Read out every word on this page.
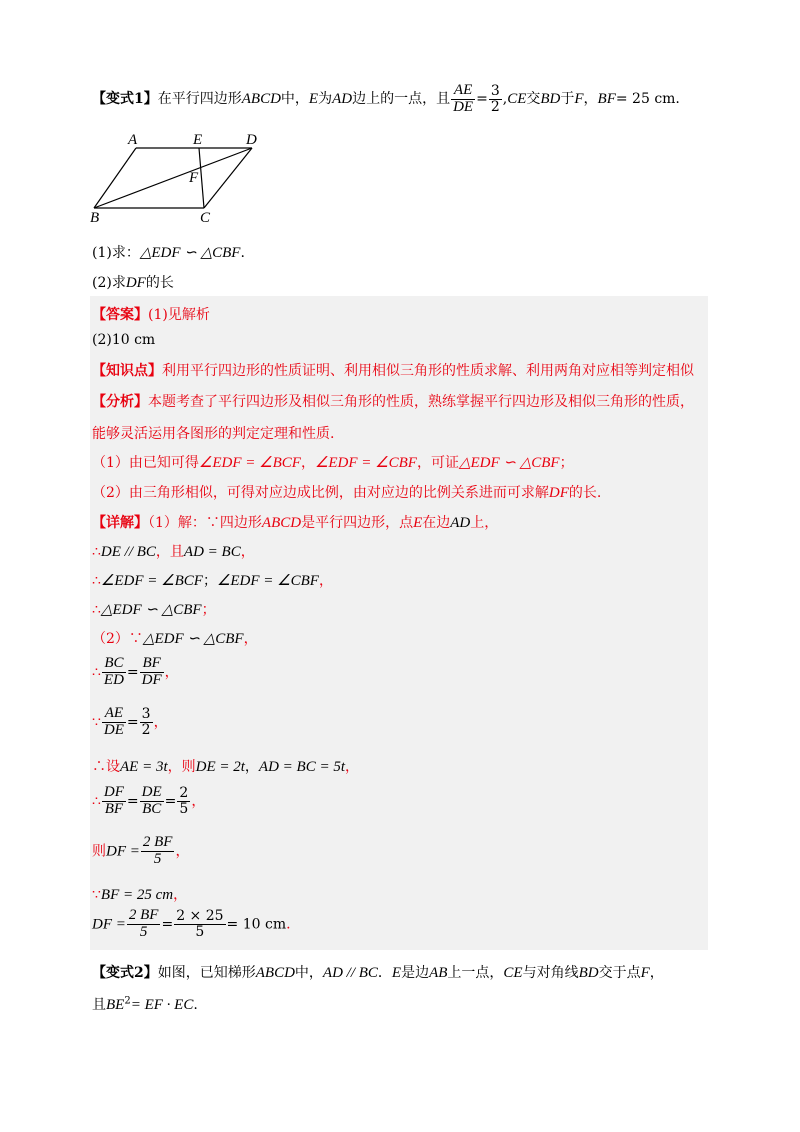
【变式1】在平行四边形ABCD中，E为AD边上的一点，且 $\frac{AE}{DE} = \frac{3}{2} ,CE$交BD于F，BF= 25 cm.
A	E	D
F
B	C
(1)求：△EDF ∽ △CBF.
(2)求DF的长
【答案】(1)见解析
(2)10 cm
【知识点】利用平行四边形的性质证明、利用相似三角形的性质求解、利用两角对应相等判定相似
【分析】本题考查了平行四边形及相似三角形的性质，熟练掌握平行四边形及相似三角形的性质，
能够灵活运用各图形的判定定理和性质.
（1）由已知可得∠EDF = ∠BCF，∠EDF = ∠CBF，可证△EDF ∽ △CBF；
（2）由三角形相似，可得对应边成比例，由对应边的比例关系进而可求解DF的长.
【详解】（1）解：∵四边形ABCD是平行四边形，点E在边AD上，
∴DE // BC，且AD = BC，
∴∠EDF = ∠BCF；∠EDF = ∠CBF，
∴△EDF ∽ △CBF；
（2）∵△EDF ∽ △CBF，
∴ $\frac{BC}{ED} = \frac{BF}{DF}$ ，
∵ $\frac{AE}{DE} = \frac{3}{2}$ ，
∴设AE = 3t，则DE = 2t，AD = BC = 5t，
∴ $\frac{DF}{BF} = \frac{DE}{BC} = \frac{2}{5}$ ，
则DF = $\frac{2 BF}{5}$ ，
∵BF = 25 cm，
DF = $\frac{2 BF}{5} = \frac{2 \times 25}{5} = 10$ cm.
【变式2】如图，已知梯形ABCD中，AD // BC．E是边AB上一点，CE与对角线BD交于点F，
且$BE^2=$ EF · EC.
